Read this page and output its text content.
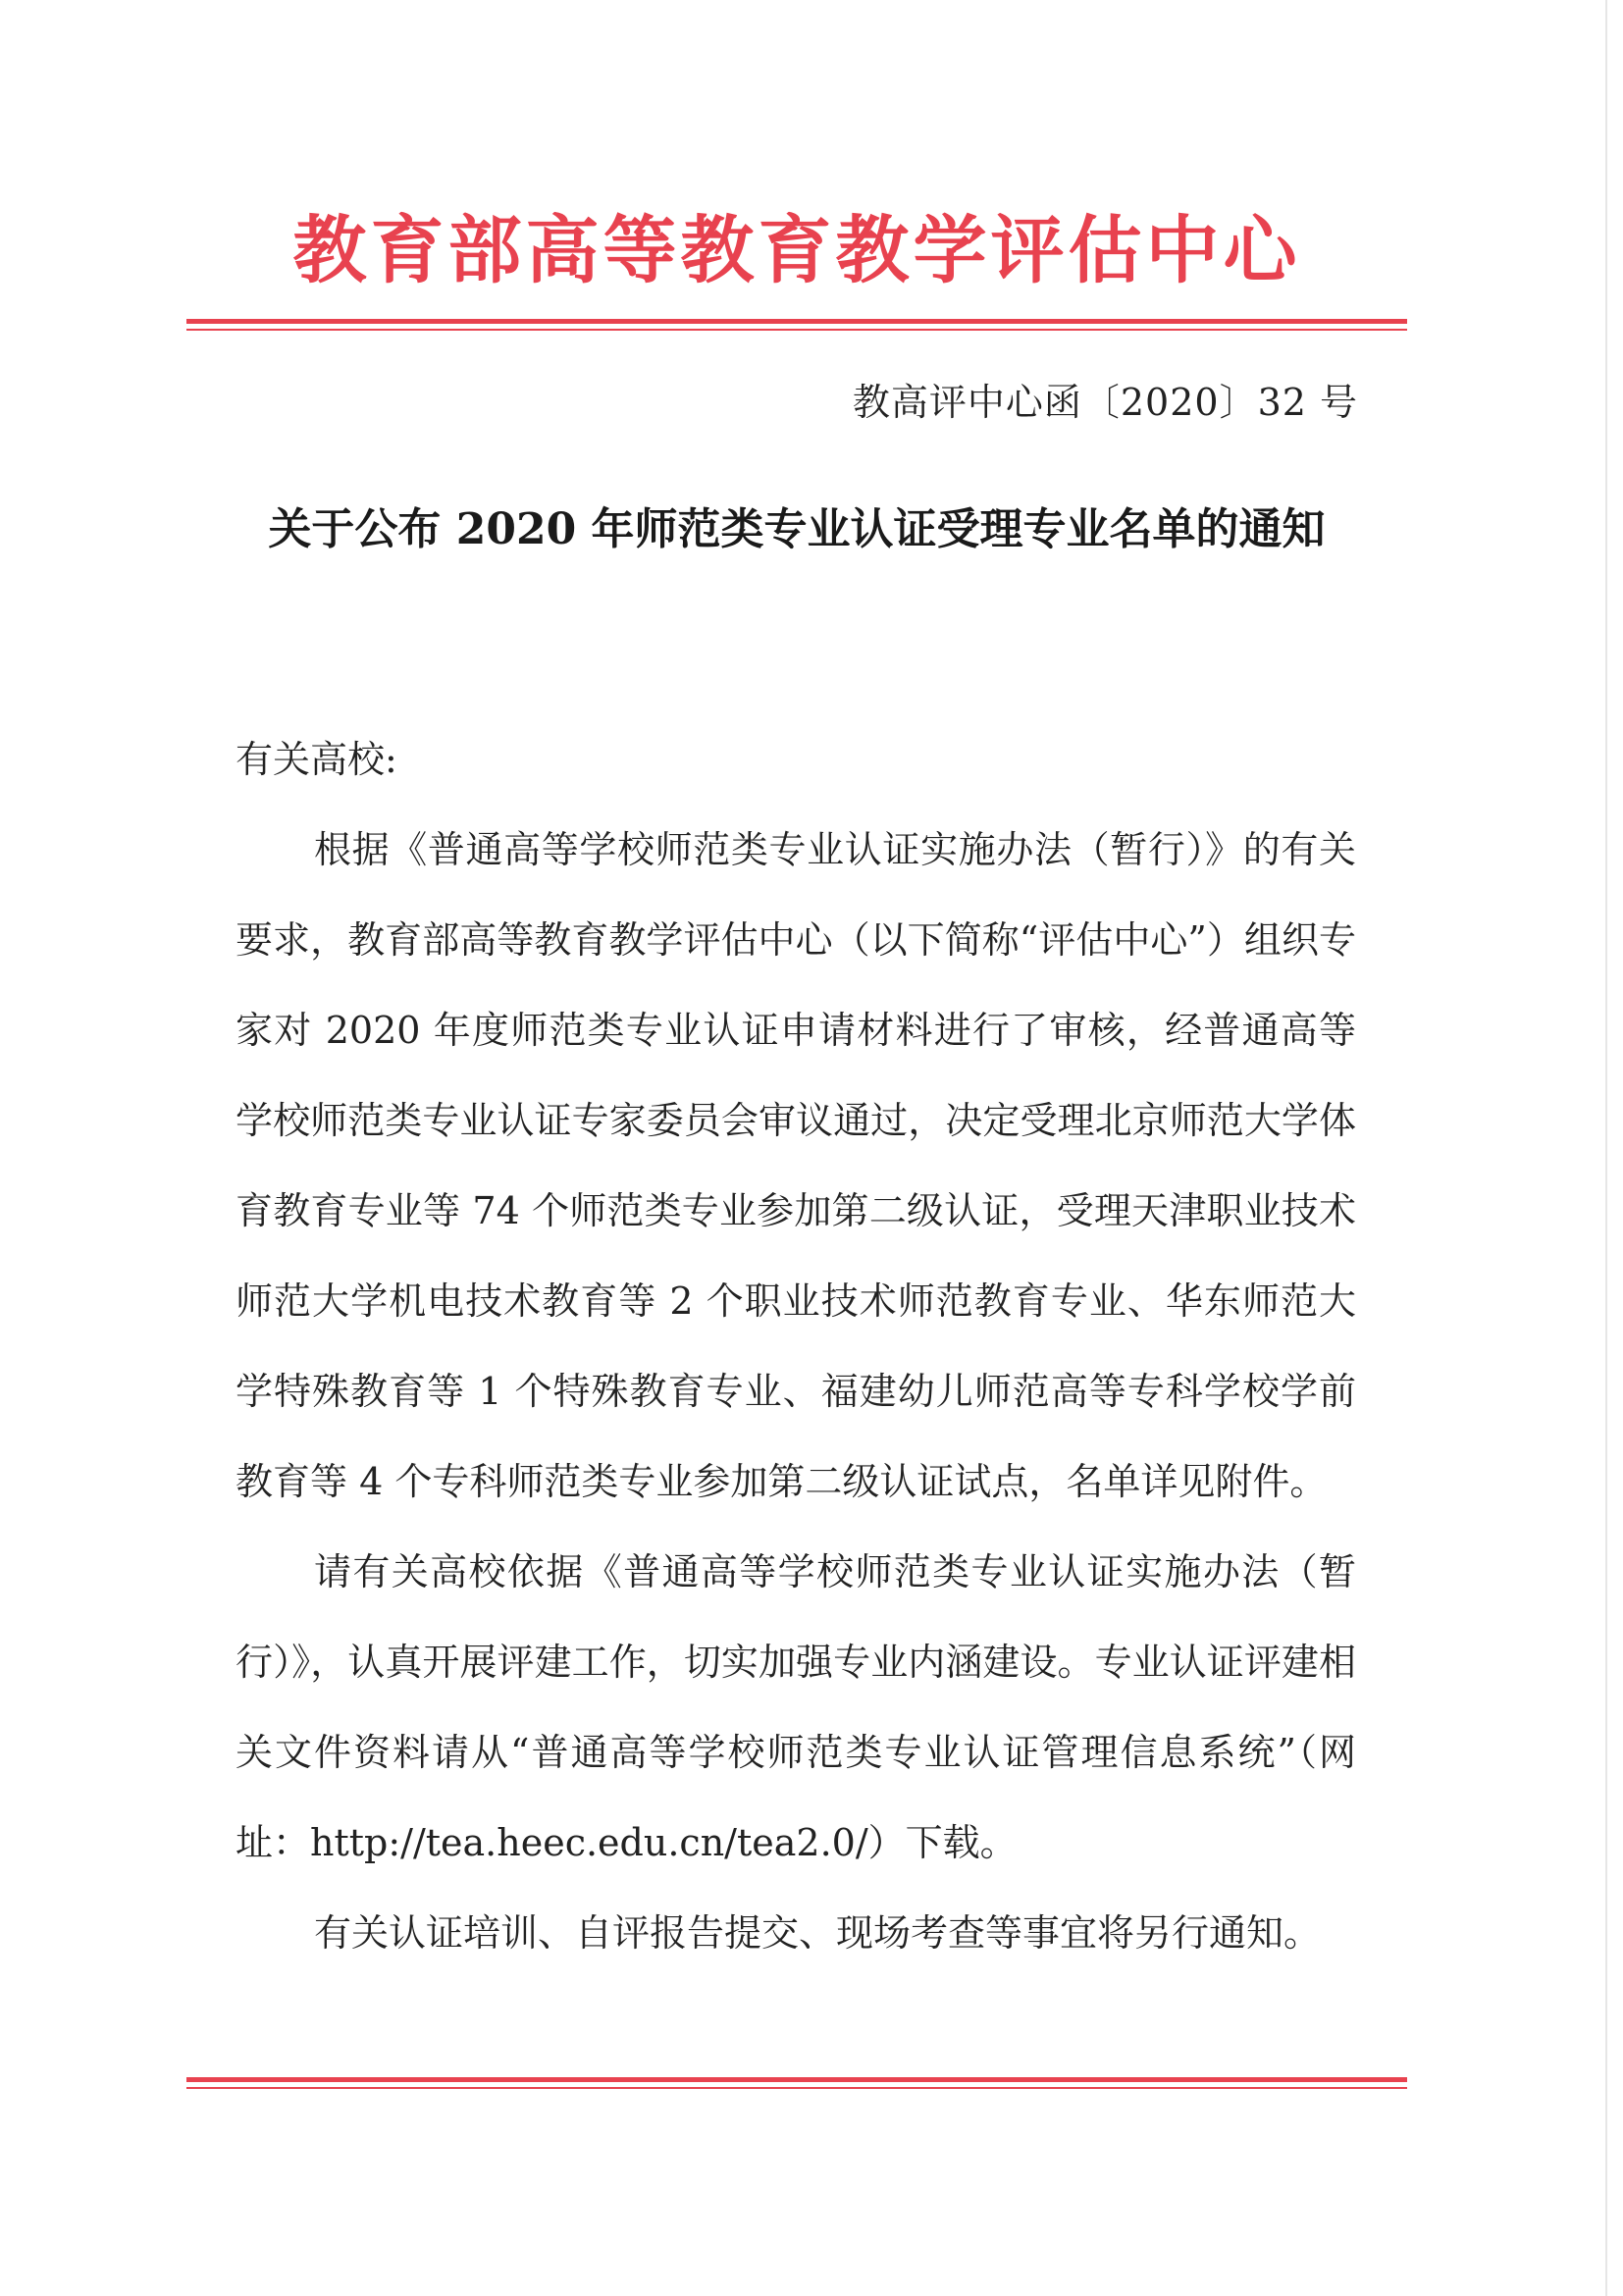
教育部高等教育教学评估中心
教高评中心函〔2020〕32 号
关于公布 2020 年师范类专业认证受理专业名单的通知

有关高校:

根据《普通高等学校师范类专业认证实施办法（暂行）》的有关要求，教育部高等教育教学评估中心（以下简称“评估中心”）组织专家对 2020 年度师范类专业认证申请材料进行了审核，经普通高等学校师范类专业认证专家委员会审议通过，决定受理北京师范大学体育教育专业等 74 个师范类专业参加第二级认证，受理天津职业技术师范大学机电技术教育等 2 个职业技术师范教育专业、华东师范大学特殊教育等 1 个特殊教育专业、福建幼儿师范高等专科学校学前教育等 4 个专科师范类专业参加第二级认证试点，名单详见附件。

请有关高校依据《普通高等学校师范类专业认证实施办法（暂行）》，认真开展评建工作，切实加强专业内涵建设。专业认证评建相关文件资料请从“普通高等学校师范类专业认证管理信息系统”（网址：http://tea.heec.edu.cn/tea2.0/）下载。

有关认证培训、自评报告提交、现场考查等事宜将另行通知。
